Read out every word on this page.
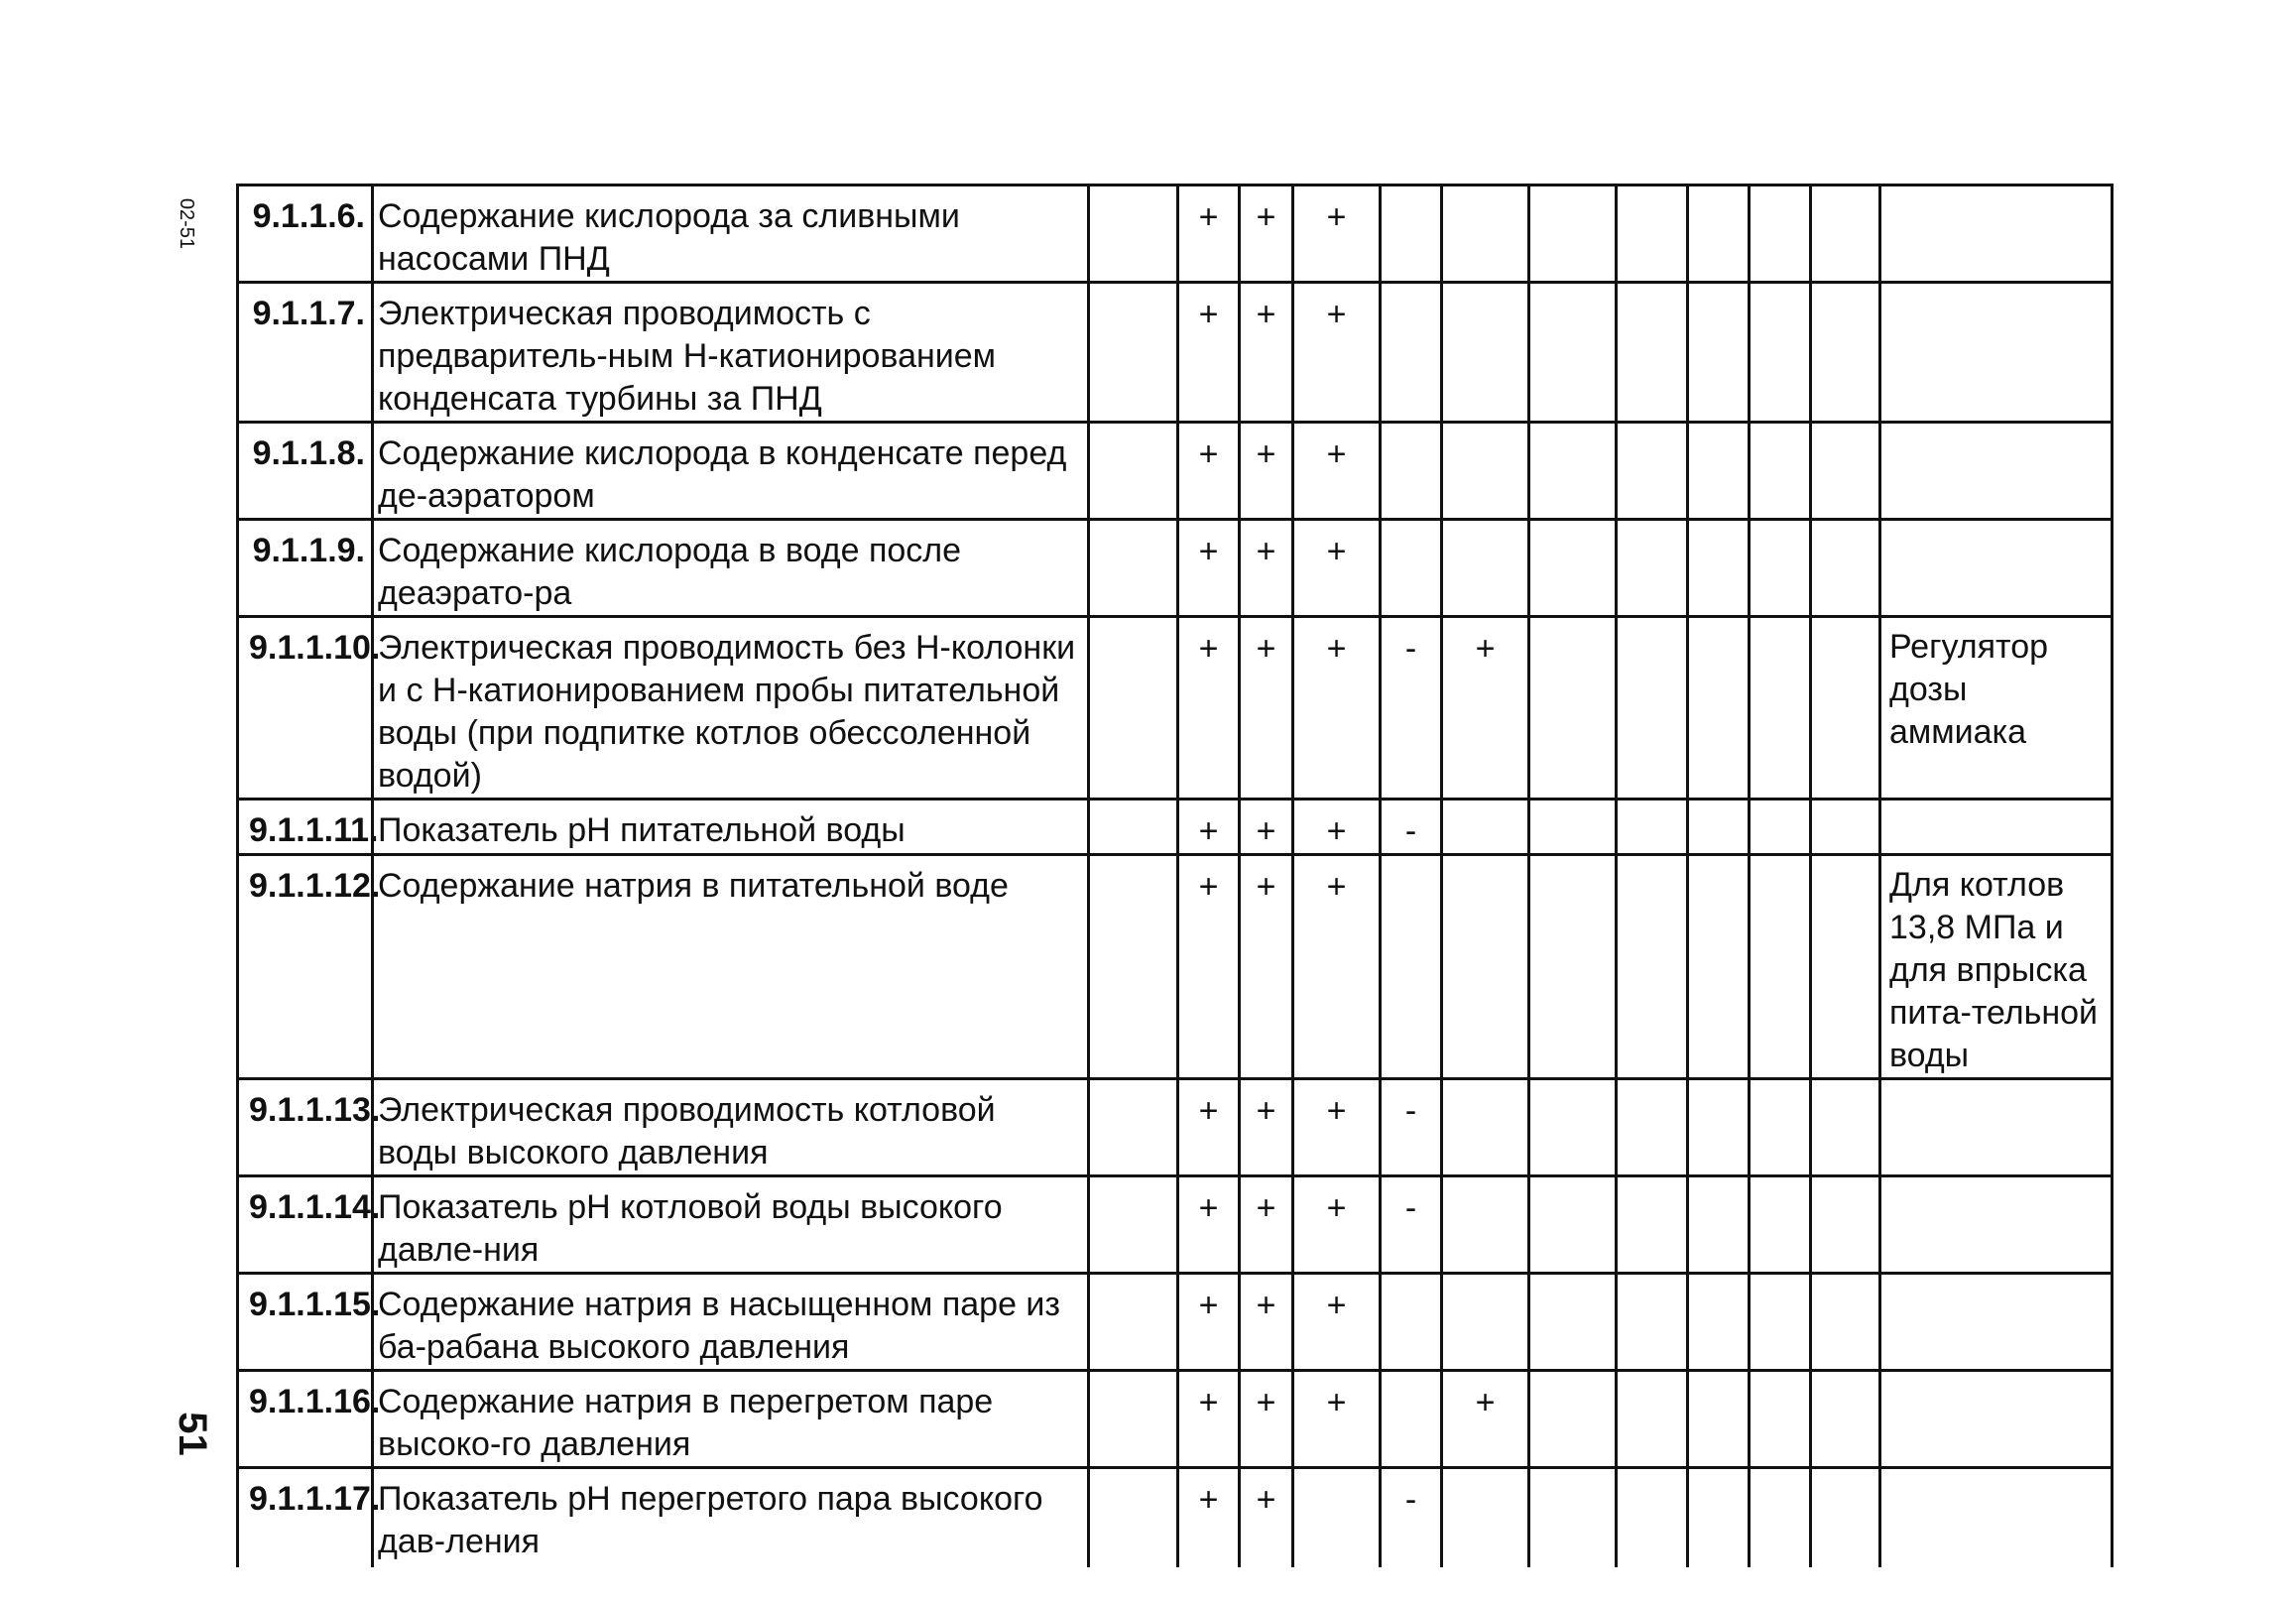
02-51
51
9.1.1.6.	Содержание кислорода за сливными насосами ПНД		+	+	+								
9.1.1.7.	Электрическая проводимость с предваритель-ным Н-катионированием конденсата турбины за ПНД		+	+	+								
9.1.1.8.	Содержание кислорода в конденсате перед де-аэратором		+	+	+								
9.1.1.9.	Содержание кислорода в воде после деаэрато-ра		+	+	+								
9.1.1.10.	Электрическая проводимость без Н-колонки и с Н-катионированием пробы питательной воды (при подпитке котлов обессоленной водой)		+	+	+	-	+						Регулятор дозы аммиака
9.1.1.11.	Показатель рН питательной воды		+	+	+	-							
9.1.1.12.	Содержание натрия в питательной воде		+	+	+								Для котлов 13,8 МПа и для впрыска пита-тельной воды
9.1.1.13.	Электрическая проводимость котловой воды высокого давления		+	+	+	-							
9.1.1.14.	Показатель рН котловой воды высокого давле-ния		+	+	+	-							
9.1.1.15.	Содержание натрия в насыщенном паре из ба-рабана высокого давления		+	+	+								
9.1.1.16.	Содержание натрия в перегретом паре высоко-го давления		+	+	+		+						
9.1.1.17.	Показатель рН перегретого пара высокого дав-ления		+	+		-							
